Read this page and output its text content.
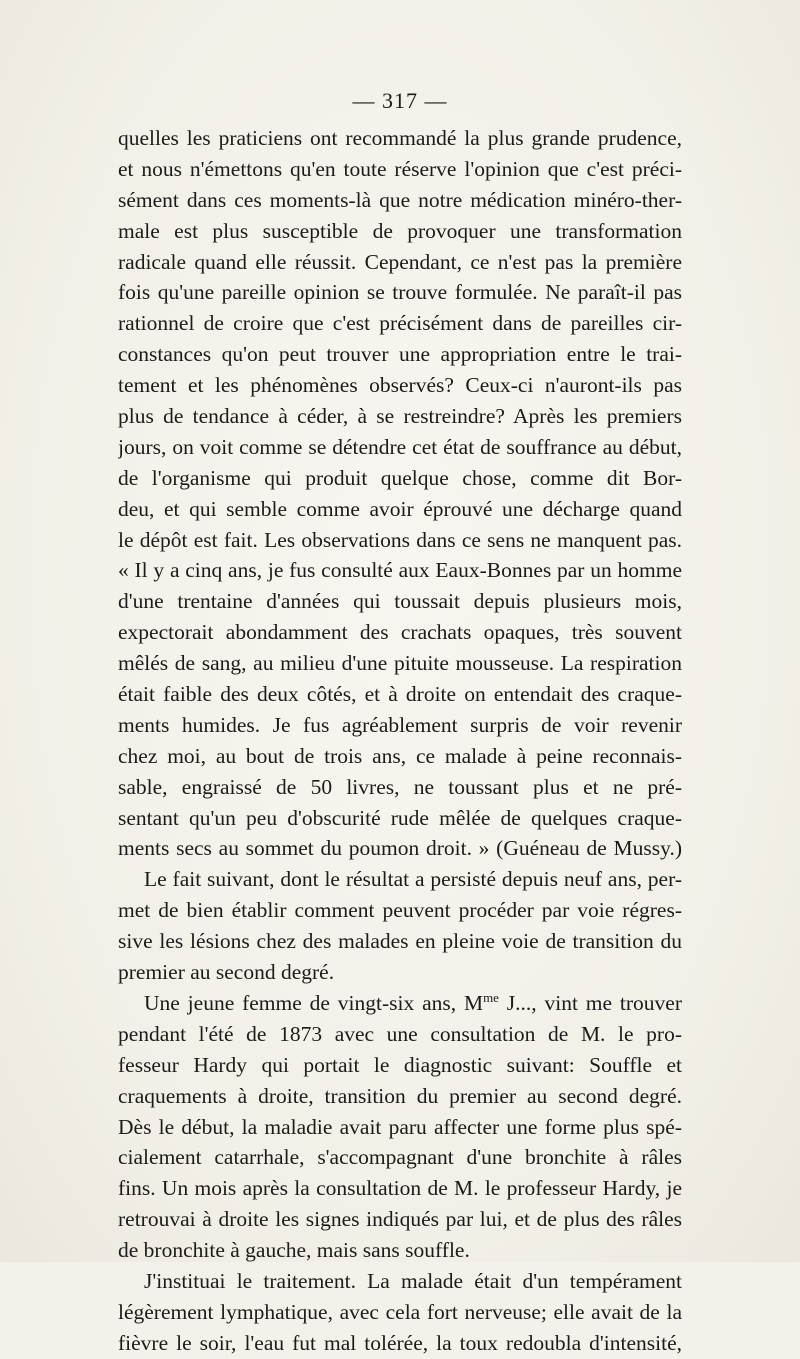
— 317 —
quelles les praticiens ont recommandé la plus grande prudence,
et nous n'émettons qu'en toute réserve l'opinion que c'est préci-
sément dans ces moments-là que notre médication minéro-ther-
male est plus susceptible de provoquer une transformation
radicale quand elle réussit. Cependant, ce n'est pas la première
fois qu'une pareille opinion se trouve formulée. Ne paraît-il pas
rationnel de croire que c'est précisément dans de pareilles cir-
constances qu'on peut trouver une appropriation entre le trai-
tement et les phénomènes observés? Ceux-ci n'auront-ils pas
plus de tendance à céder, à se restreindre? Après les premiers
jours, on voit comme se détendre cet état de souffrance au début,
de l'organisme qui produit quelque chose, comme dit Bor-
deu, et qui semble comme avoir éprouvé une décharge quand
le dépôt est fait. Les observations dans ce sens ne manquent pas.
« Il y a cinq ans, je fus consulté aux Eaux-Bonnes par un homme
d'une trentaine d'années qui toussait depuis plusieurs mois,
expectorait abondamment des crachats opaques, très souvent
mêlés de sang, au milieu d'une pituite mousseuse. La respiration
était faible des deux côtés, et à droite on entendait des craque-
ments humides. Je fus agréablement surpris de voir revenir
chez moi, au bout de trois ans, ce malade à peine reconnais-
sable, engraissé de 50 livres, ne toussant plus et ne pré-
sentant qu'un peu d'obscurité rude mêlée de quelques craque-
ments secs au sommet du poumon droit. » (Guéneau de Mussy.)
Le fait suivant, dont le résultat a persisté depuis neuf ans, per-
met de bien établir comment peuvent procéder par voie régres-
sive les lésions chez des malades en pleine voie de transition du
premier au second degré.
Une jeune femme de vingt-six ans, $M^{me}$ J..., vint me trouver
pendant l'été de 1873 avec une consultation de M. le pro-
fesseur Hardy qui portait le diagnostic suivant: Souffle et
craquements à droite, transition du premier au second degré.
Dès le début, la maladie avait paru affecter une forme plus spé-
cialement catarrhale, s'accompagnant d'une bronchite à râles
fins. Un mois après la consultation de M. le professeur Hardy, je
retrouvai à droite les signes indiqués par lui, et de plus des râles
de bronchite à gauche, mais sans souffle.
J'instituai le traitement. La malade était d'un tempérament
légèrement lymphatique, avec cela fort nerveuse; elle avait de la
fièvre le soir, l'eau fut mal tolérée, la toux redoubla d'intensité,
